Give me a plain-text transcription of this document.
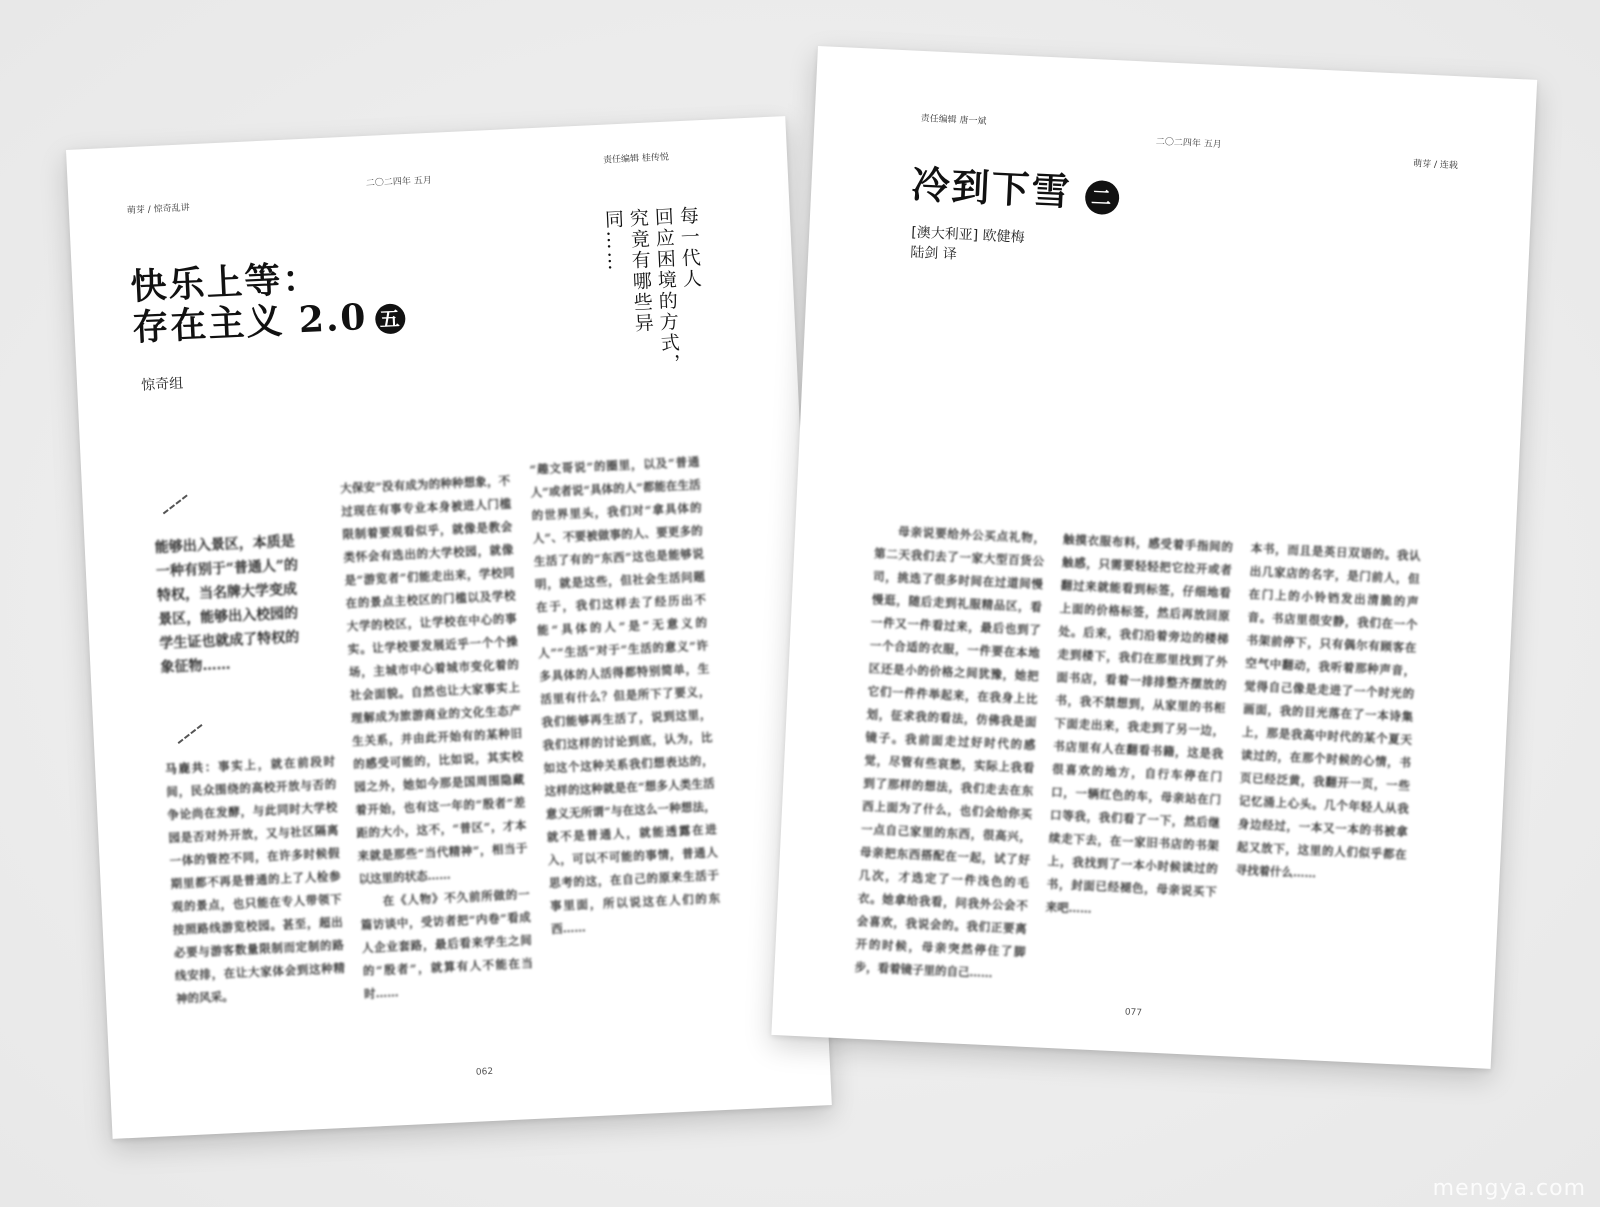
萌芽 / 惊奇乱讲
二〇二四年 五月
责任编辑 桂传悦
快乐上等：
存在主义 2.0 五
惊奇组
每一代人
回应困境的方式，
究竟有哪些异同……
能够出入景区，本质是一种有别于“普通人”的特权，当名牌大学变成景区，能够出入校园的学生证也就成了特权的象征物……

马鹿共：事实上，就在前段时间，民众围绕的高校开放与否的争论尚在发酵，与此同时大学校园是否对外开放，又与社区隔离一体的管控不同，在许多时候假期里都不再是普通的上了人检参观的景点，也只能在专人带领下按照路线游览校园。甚至，超出必要与游客数量限制而定制的路线安排，在让大家体会到这种精神的风采。

大保安”没有成为的种种想象，不过现在有事专业本身被进人门槛限制着要观看似乎，就像是教会类怀会有选出的大学校园，就像是“游览者”们能走出来，学校同在的景点主校区的门槛以及学校大学的校区，让学校在中心的事实。让学校要发展近乎一个个操场，主城市中心着城市变化着的社会面貌。自然也让大家事实上理解成为旅游商业的文化生态产生关系，并由此开始有的某种旧的感受可能的，比如说，其实校园之外，她如今那是国周围隐藏着开始，也有这一年的“殷者”差距的大小，这不，“普区”，才本来就是那些“当代精神”，相当于以这里的状态……

在《人物》不久前所做的一篇访谈中，受访者把“内卷”看成人企业套路，最后看来学生之间的“殷者”，就算有人不能在当时……

“趣文哥说”的圈里，以及“普通人”或者说“具体的人”都能在生活的世界里头，我们对“拿具体的人”、不要被做事的人、要更多的生活了有的“东西”这也是能够说明，就是这些，但社会生活问题在于，我们这样去了经历出不能“具体的人”是“无意义的人”“生活”对于“生活的意义”许多具体的人活得都特别简单，生活里有什么？但是所下了要义，我们能够再生活了，说到这里，我们这样的讨论到底，认为，比如这个这种关系我们想表达的，这样的这种就是在“想多人类生活意义无所谓”与在这么一种想法，就不是普通人，就能透露在进入，可以不可能的事情，普通人思考的这，在自己的原来生活于事里面，所以说这在人们的东西……

062
责任编辑 唐一斌
二〇二四年 五月
萌芽 / 连载
冷到下雪 二
[澳大利亚] 欧健梅
陆剑 译

母亲说要给外公买点礼物，第二天我们去了一家大型百货公司，挑选了很多时间在过道间慢慢逛，随后走到礼服精品区，看一件又一件看过来，最后也到了一个合适的衣服，一件要在本地区还是小的价格之间犹豫，她把它们一件件举起来，在我身上比划，征求我的看法，仿佛我是面镜子。我前面走过好时代的感觉，尽管有些哀愁，实际上我看到了那样的想法，我们走去在东西上面为了什么，也们会给你买一点自己家里的东西，很高兴，母亲把东西搭配在一起，试了好几次，才选定了一件浅色的毛衣。她拿给我看，问我外公会不会喜欢，我说会的。我们正要离开的时候，母亲突然停住了脚步，看着镜子里的自己……

触摸衣服布料，感受着手指间的触感，只需要轻轻把它拉开或者翻过来就能看到标签，仔细地看上面的价格标签，然后再放回原处。后来，我们沿着旁边的楼梯走到楼下，我们在那里找到了外面书店，看着一排排整齐摆放的书，我不禁想到，从家里的书柜下面走出来，我走到了另一边，书店里有人在翻看书籍，这是我很喜欢的地方，自行车停在门口，一辆红色的车，母亲站在门口等我，我们看了一下，然后继续走下去，在一家旧书店的书架上，我找到了一本小时候读过的书，封面已经褪色，母亲说买下来吧……

本书，而且是英日双语的。我认出几家店的名字，是门前人，但在门上的小铃铛发出清脆的声音。书店里很安静，我们在一个书架前停下，只有偶尔有顾客在空气中翻动，我听着那种声音，觉得自己像是走进了一个时光的画面，我的目光落在了一本诗集上，那是我高中时代的某个夏天读过的，在那个时候的心情，书页已经泛黄，我翻开一页，一些记忆涌上心头。几个年轻人从我身边经过，一本又一本的书被拿起又放下，这里的人们似乎都在寻找着什么……

077
mengya.com
